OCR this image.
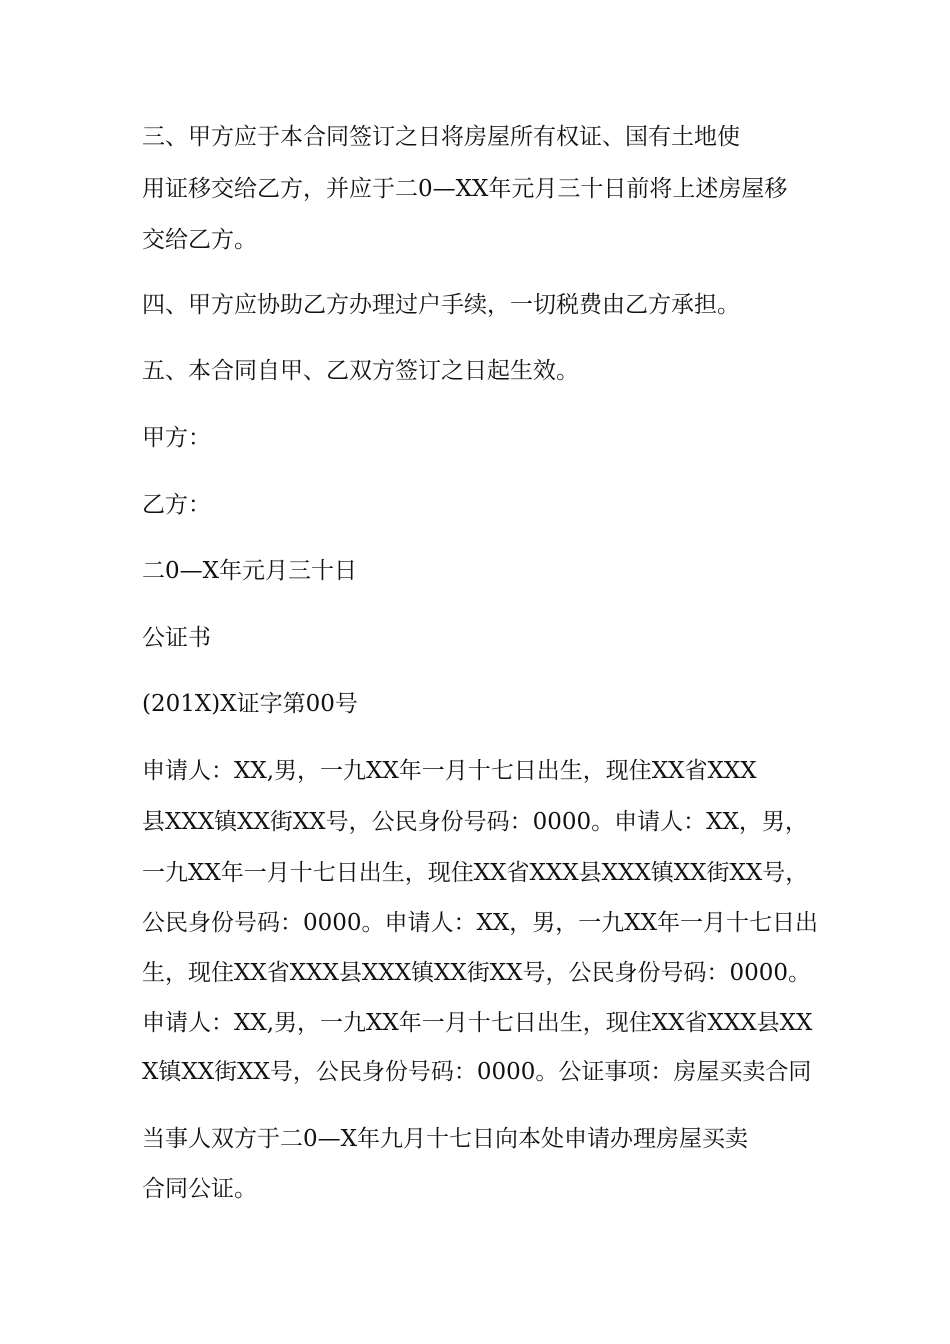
三、甲方应于本合同签订之日将房屋所有权证、国有土地使
用证移交给乙方，并应于二0—XX年元月三十日前将上述房屋移
交给乙方。
四、甲方应协助乙方办理过户手续，一切税费由乙方承担。
五、本合同自甲、乙双方签订之日起生效。
甲方：
乙方：
二0—X年元月三十日
公证书
(201X)X证字第00号
申请人：XX,男，一九XX年一月十七日出生，现住XX省XXX
县XXX镇XX街XX号，公民身份号码：0000。申请人：XX，男，
一九XX年一月十七日出生，现住XX省XXX县XXX镇XX街XX号，
公民身份号码：0000。申请人：XX，男，一九XX年一月十七日出
生，现住XX省XXX县XXX镇XX街XX号，公民身份号码：0000。
申请人：XX,男，一九XX年一月十七日出生，现住XX省XXX县XX
X镇XX街XX号，公民身份号码：0000。公证事项：房屋买卖合同
当事人双方于二0—X年九月十七日向本处申请办理房屋买卖
合同公证。
